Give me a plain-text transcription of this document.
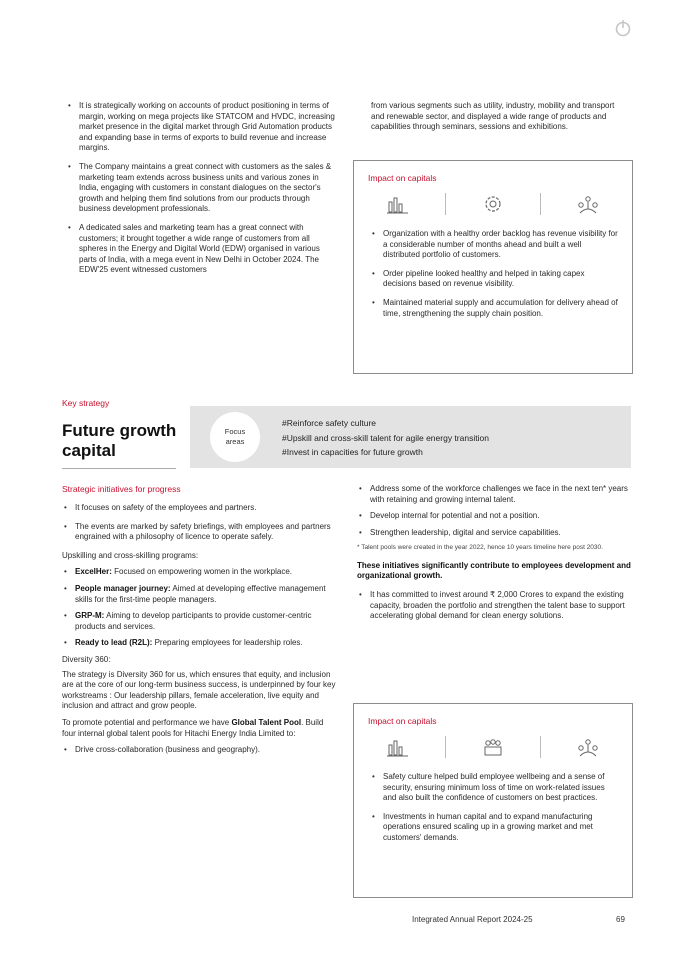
• It is strategically working on accounts of product positioning in terms of margin, working on mega projects like STATCOM and HVDC, increasing market presence in the digital market through Grid Automation products and expanding base in terms of exports to build revenue and increase margins.
• The Company maintains a great connect with customers as the sales & marketing team extends across business units and various zones in India, engaging with customers in constant dialogues on the sector's growth and helping them find solutions from our products through business development professionals.
• A dedicated sales and marketing team has a great connect with customers; it brought together a wide range of customers from all spheres in the Energy and Digital World (EDW) organised in various parts of India, with a mega event in New Delhi in October 2024. The EDW'25 event witnessed customers
from various segments such as utility, industry, mobility and transport and renewable sector, and displayed a wide range of products and capabilities through seminars, sessions and exhibitions.
Impact on capitals
• Organization with a healthy order backlog has revenue visibility for a considerable number of months ahead and built a well distributed portfolio of customers.
• Order pipeline looked healthy and helped in taking capex decisions based on revenue visibility.
• Maintained material supply and accumulation for delivery ahead of time, strengthening the supply chain position.
Key strategy
Future growth
capital
Focus
areas
#Reinforce safety culture
#Upskill and cross-skill talent for agile energy transition
#Invest in capacities for future growth
Strategic initiatives for progress
• It focuses on safety of the employees and partners.
• The events are marked by safety briefings, with employees and partners engrained with a philosophy of licence to operate safely.
Upskilling and cross-skilling programs:
• ExcelHer: Focused on empowering women in the workplace.
• People manager journey: Aimed at developing effective management skills for the first-time people managers.
• GRP-M: Aiming to develop participants to provide customer-centric products and services.
• Ready to lead (R2L): Preparing employees for leadership roles.
Diversity 360:
The strategy is Diversity 360 for us, which ensures that equity, and inclusion are at the core of our long-term business success, is underpinned by four key workstreams : Our leadership pillars, female acceleration, live equity and inclusion and attract and grow people.
To promote potential and performance we have Global Talent Pool. Build four internal global talent pools for Hitachi Energy India Limited to:
• Drive cross-collaboration (business and geography).
• Address some of the workforce challenges we face in the next ten* years with retaining and growing internal talent.
• Develop internal for potential and not a position.
• Strengthen leadership, digital and service capabilities.
* Talent pools were created in the year 2022, hence 10 years timeline here post 2030.
These initiatives significantly contribute to employees development and organizational growth.
• It has committed to invest around ₹ 2,000 Crores to expand the existing capacity, broaden the portfolio and strengthen the talent base to support accelerating global demand for clean energy solutions.
Impact on capitals
• Safety culture helped build employee wellbeing and a sense of security, ensuring minimum loss of time on work-related issues and also built the confidence of customers on best practices.
• Investments in human capital and to expand manufacturing operations ensured scaling up in a growing market and met customers' demands.
Integrated Annual Report 2024-25	69
